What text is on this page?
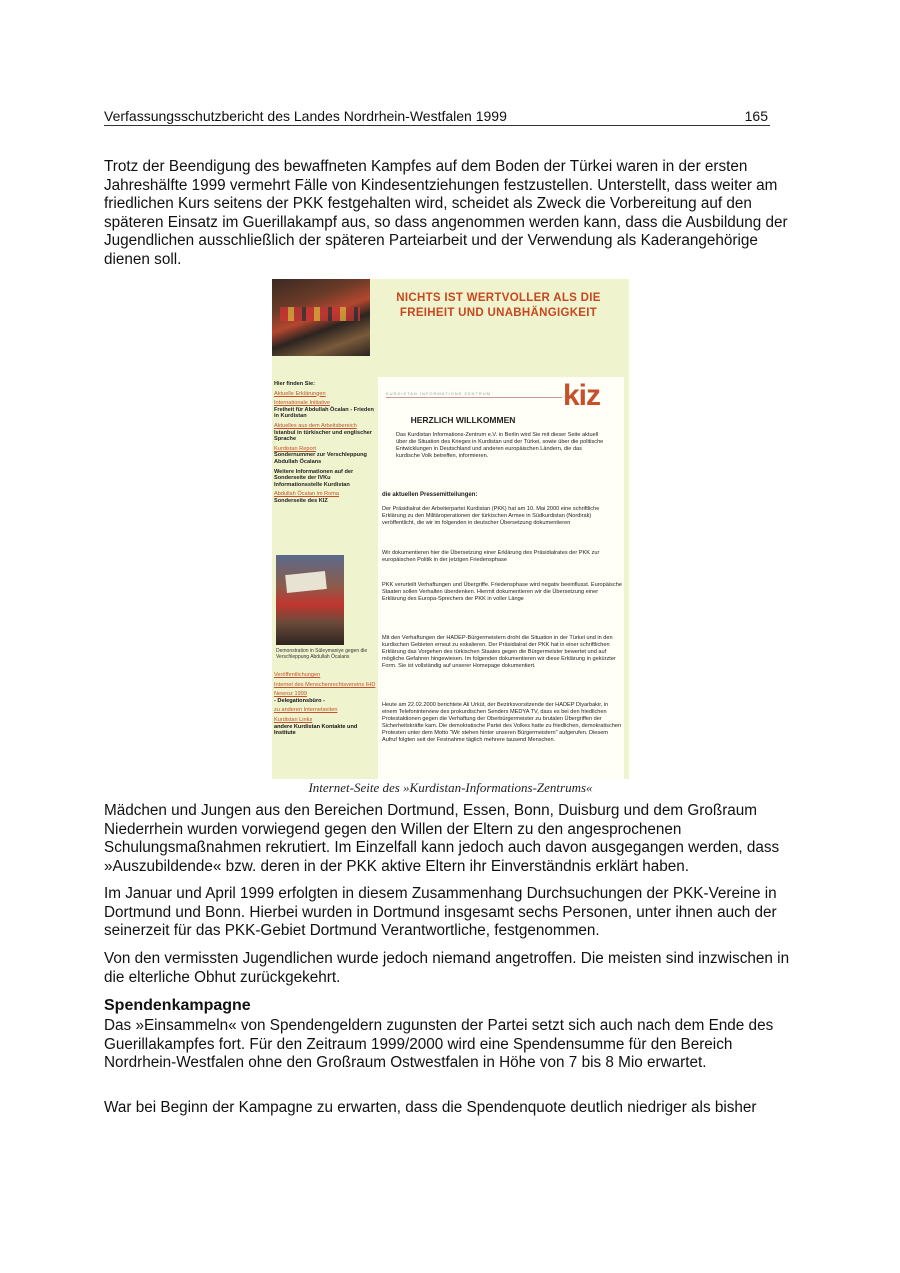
Verfassungsschutzbericht des Landes Nordrhein-Westfalen 1999	165

Trotz der Beendigung des bewaffneten Kampfes auf dem Boden der Türkei waren in der ersten Jahreshälfte 1999 vermehrt Fälle von Kindesentziehungen festzustellen. Unterstellt, dass weiter am friedlichen Kurs seitens der PKK festgehalten wird, scheidet als Zweck die Vorbereitung auf den späteren Einsatz im Guerillakampf aus, so dass angenommen werden kann, dass die Ausbildung der Jugendlichen ausschließlich der späteren Parteiarbeit und der Verwendung als Kaderangehörige dienen soll.

NICHTS IST WERTVOLLER ALS DIE FREIHEIT UND UNABHÄNGIGKEIT
Hier finden Sie:
Aktuelle Erklärungen
Internationale Initiative
Freiheit für Abdullah Öcalan - Frieden in Kurdistan
Aktuelles aus dem Arbeitsbereich
Istanbul in türkischer und englischer Sprache
Kurdistan Report
Sondernummer zur Verschleppung Abdullah Öcalans
Weitere Informationen auf der Sonderseite der IVKu Informationsstelle Kurdistan
Abdullah Öcalan im Roma
Sonderseite des KIZ
Demonstration in Süleymaniye gegen die Verschleppung Abdullah Öcalans
Veröffentlichungen
Internet des Menschenrechtsvereins IHD
Newroz 1999
- Delegationsbüro -
zu anderen Internetseiten
Kurdistan Links
andere Kurdistan Kontakte und Institute
KURDISTAN INFORMATIONS ZENTRUM	kiz
HERZLICH WILLKOMMEN
Das Kurdistan Informations-Zentrum e.V. in Berlin wird Sie mit dieser Seite aktuell über die Situation des Krieges in Kurdistan und der Türkei, sowie über die politische Entwicklungen in Deutschland und anderen europäischen Ländern, die das kurdische Volk betreffen, informieren.
die aktuellen Pressemitteilungen:
Der Präsidialrat der Arbeiterpartei Kurdistan (PKK) hat am 10. Mai 2000 eine schriftliche Erklärung zu den Militäroperationen der türkischen Armee in Südkurdistan (Nordirak) veröffentlicht, die wir im folgenden in deutscher Übersetzung dokumentieren
Wir dokumentieren hier die Übersetzung einer Erklärung des Präsidialrates der PKK zur europäischen Politik in der jetzigen Friedensphase
PKK verurteilt Verhaftungen und Übergriffe. Friedensphase wird negativ beeinflusst. Europäische Staaten sollen Verhalten überdenken. Hiermit dokumentieren wir die Übersetzung einer Erklärung des Europa-Sprechers der PKK in voller Länge
Mit den Verhaftungen der HADEP-Bürgermeistern droht die Situation in der Türkei und in den kurdischen Gebieten erneut zu eskalieren. Der Präsidialrat der PKK hat in einer schriftlichen Erklärung das Vorgehen des türkischen Staates gegen die Bürgermeister bewertet und auf mögliche Gefahren hingewiesen. Im folgenden dokumentieren wir diese Erklärung in gekürzter Form. Sie ist vollständig auf unserer Homepage dokumentiert.
Heute am 22.02.2000 berichtete Ali Urküt, der Bezirksvorsitzende der HADEP Diyarbakir, in einem Telefoninterview des prokurdischen Senders MEDYA TV, dass es bei den friedlichen Protestaktionen gegen die Verhaftung der Oberbürgermeister zu brutalen Übergriffen der Sicherheitskräfte kam. Die demokratische Partei des Volkes hatte zu friedlichen, demokratischen Protesten unter dem Motto "Wir stehen hinter unseren Bürgermeistern" aufgerufen. Diesem Aufruf folgten seit der Festnahme täglich mehrere tausend Menschen.
Internet-Seite des »Kurdistan-Informations-Zentrums«

Mädchen und Jungen aus den Bereichen Dortmund, Essen, Bonn, Duisburg und dem Großraum Niederrhein wurden vorwiegend gegen den Willen der Eltern zu den angesprochenen Schulungsmaßnahmen rekrutiert. Im Einzelfall kann jedoch auch davon ausgegangen werden, dass »Auszubildende« bzw. deren in der PKK aktive Eltern ihr Einverständnis erklärt haben.

Im Januar und April 1999 erfolgten in diesem Zusammenhang Durchsuchungen der PKK-Vereine in Dortmund und Bonn. Hierbei wurden in Dortmund insgesamt sechs Personen, unter ihnen auch der seinerzeit für das PKK-Gebiet Dortmund Verantwortliche, festgenommen.

Von den vermissten Jugendlichen wurde jedoch niemand angetroffen. Die meisten sind inzwischen in die elterliche Obhut zurückgekehrt.

Spendenkampagne

Das »Einsammeln« von Spendengeldern zugunsten der Partei setzt sich auch nach dem Ende des Guerillakampfes fort. Für den Zeitraum 1999/2000 wird eine Spendensumme für den Bereich Nordrhein-Westfalen ohne den Großraum Ostwestfalen in Höhe von 7 bis 8 Mio erwartet.

War bei Beginn der Kampagne zu erwarten, dass die Spendenquote deutlich niedriger als bisher
